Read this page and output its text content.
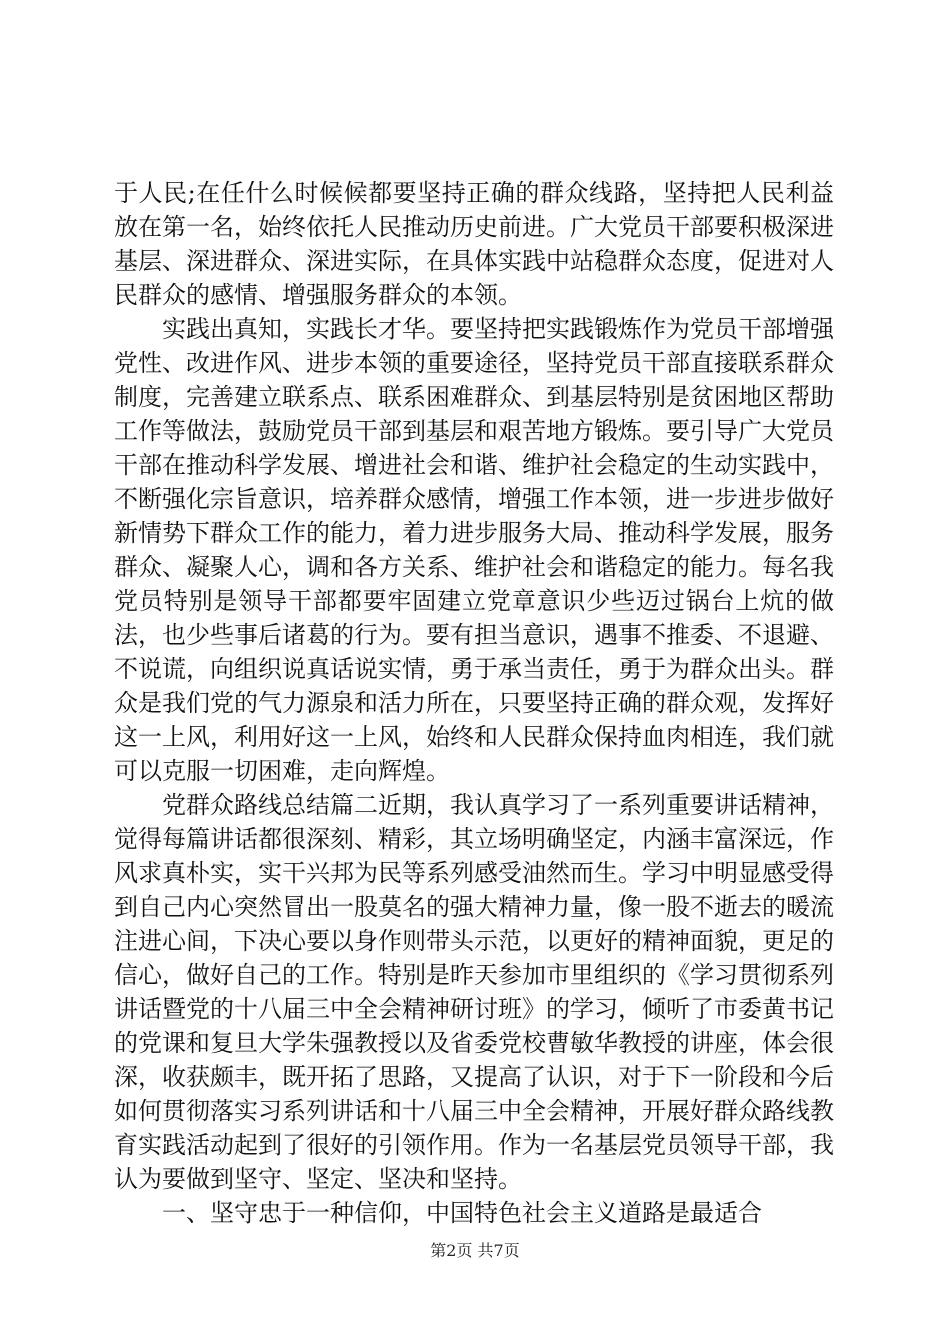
于人民;在任什么时候候都要坚持正确的群众线路，坚持把人民利益放在第一名，始终依托人民推动历史前进。广大党员干部要积极深进基层、深进群众、深进实际，在具体实践中站稳群众态度，促进对人民群众的感情、增强服务群众的本领。

实践出真知，实践长才华。要坚持把实践锻炼作为党员干部增强党性、改进作风、进步本领的重要途径，坚持党员干部直接联系群众制度，完善建立联系点、联系困难群众、到基层特别是贫困地区帮助工作等做法，鼓励党员干部到基层和艰苦地方锻炼。要引导广大党员干部在推动科学发展、增进社会和谐、维护社会稳定的生动实践中，不断强化宗旨意识，培养群众感情，增强工作本领，进一步进步做好新情势下群众工作的能力，着力进步服务大局、推动科学发展，服务群众、凝聚人心，调和各方关系、维护社会和谐稳定的能力。每名我党员特别是领导干部都要牢固建立党章意识少些迈过锅台上炕的做法，也少些事后诸葛的行为。要有担当意识，遇事不推委、不退避、不说谎，向组织说真话说实情，勇于承当责任，勇于为群众出头。群众是我们党的气力源泉和活力所在，只要坚持正确的群众观，发挥好这一上风，利用好这一上风，始终和人民群众保持血肉相连，我们就可以克服一切困难，走向辉煌。

党群众路线总结篇二近期，我认真学习了一系列重要讲话精神，觉得每篇讲话都很深刻、精彩，其立场明确坚定，内涵丰富深远，作风求真朴实，实干兴邦为民等系列感受油然而生。学习中明显感受得到自己内心突然冒出一股莫名的强大精神力量，像一股不逝去的暖流注进心间，下决心要以身作则带头示范，以更好的精神面貌，更足的信心，做好自己的工作。特别是昨天参加市里组织的《学习贯彻系列讲话暨党的十八届三中全会精神研讨班》的学习，倾听了市委黄书记的党课和复旦大学朱强教授以及省委党校曹敏华教授的讲座，体会很深，收获颇丰，既开拓了思路，又提高了认识，对于下一阶段和今后如何贯彻落实习系列讲话和十八届三中全会精神，开展好群众路线教育实践活动起到了很好的引领作用。作为一名基层党员领导干部，我认为要做到坚守、坚定、坚决和坚持。

一、坚守忠于一种信仰，中国特色社会主义道路是最适合

第2页 共7页
